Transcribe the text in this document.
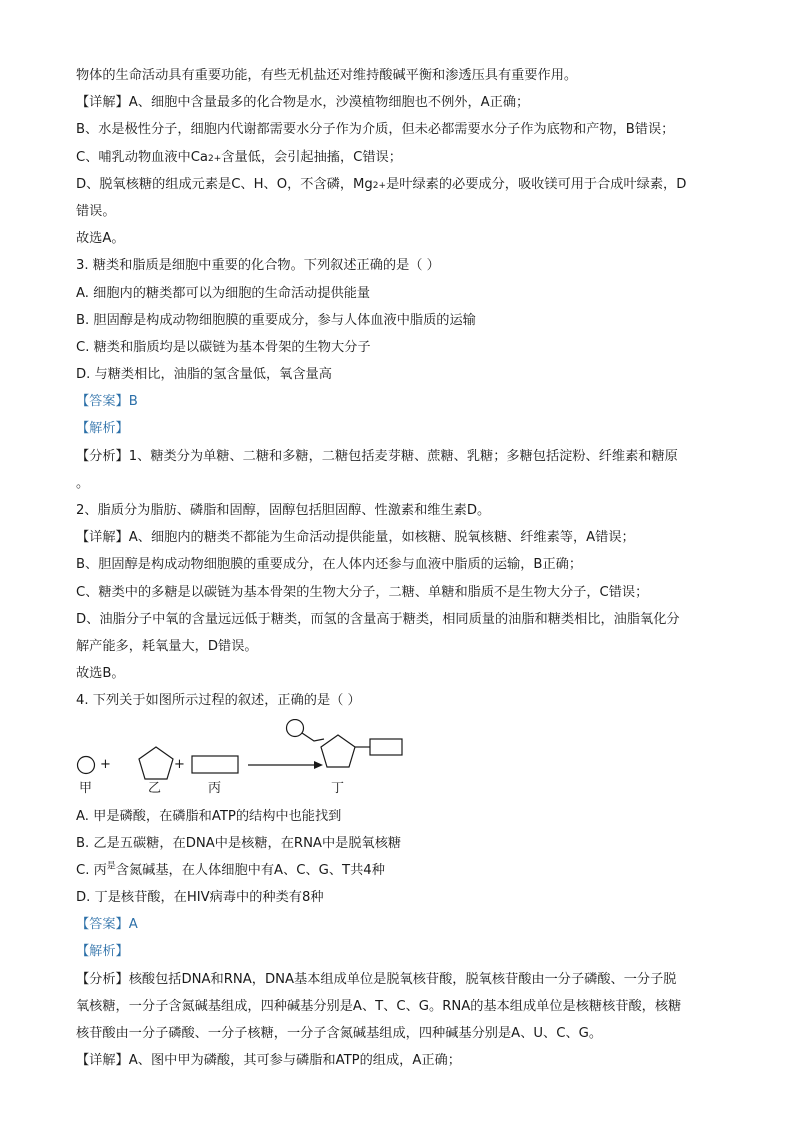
物体的生命活动具有重要功能，有些无机盐还对维持酸碱平衡和渗透压具有重要作用。
【详解】A、细胞中含量最多的化合物是水，沙漠植物细胞也不例外，A正确；
B、水是极性分子，细胞内代谢都需要水分子作为介质，但未必都需要水分子作为底物和产物，B错误；
C、哺乳动物血液中Ca2+含量低，会引起抽搐，C错误；
D、脱氧核糖的组成元素是C、H、O，不含磷，Mg2+是叶绿素的必要成分，吸收镁可用于合成叶绿素，D
错误。
故选A。
3. 糖类和脂质是细胞中重要的化合物。下列叙述正确的是（ ）
A. 细胞内的糖类都可以为细胞的生命活动提供能量
B. 胆固醇是构成动物细胞膜的重要成分，参与人体血液中脂质的运输
C. 糖类和脂质均是以碳链为基本骨架的生物大分子
D. 与糖类相比，油脂的氢含量低，氧含量高
【答案】B
【解析】
【分析】1、糖类分为单糖、二糖和多糖，二糖包括麦芽糖、蔗糖、乳糖；多糖包括淀粉、纤维素和糖原
。
2、脂质分为脂肪、磷脂和固醇，固醇包括胆固醇、性激素和维生素D。
【详解】A、细胞内的糖类不都能为生命活动提供能量，如核糖、脱氧核糖、纤维素等，A错误；
B、胆固醇是构成动物细胞膜的重要成分，在人体内还参与血液中脂质的运输，B正确；
C、糖类中的多糖是以碳链为基本骨架的生物大分子，二糖、单糖和脂质不是生物大分子，C错误；
D、油脂分子中氧的含量远远低于糖类，而氢的含量高于糖类，相同质量的油脂和糖类相比，油脂氧化分
解产能多，耗氧量大，D错误。
故选B。
4. 下列关于如图所示过程的叙述，正确的是（ ）
+	+
甲	乙	丙	丁
A. 甲是磷酸，在磷脂和ATP的结构中也能找到
B. 乙是五碳糖，在DNA中是核糖，在RNA中是脱氧核糖
C. 丙$^是$含氮碱基，在人体细胞中有A、C、G、T共4种
D. 丁是核苷酸，在HIV病毒中的种类有8种
【答案】A
【解析】
【分析】核酸包括DNA和RNA，DNA基本组成单位是脱氧核苷酸，脱氧核苷酸由一分子磷酸、一分子脱
氧核糖，一分子含氮碱基组成，四种碱基分别是A、T、C、G。RNA的基本组成单位是核糖核苷酸，核糖
核苷酸由一分子磷酸、一分子核糖，一分子含氮碱基组成，四种碱基分别是A、U、C、G。
【详解】A、图中甲为磷酸，其可参与磷脂和ATP的组成，A正确；
